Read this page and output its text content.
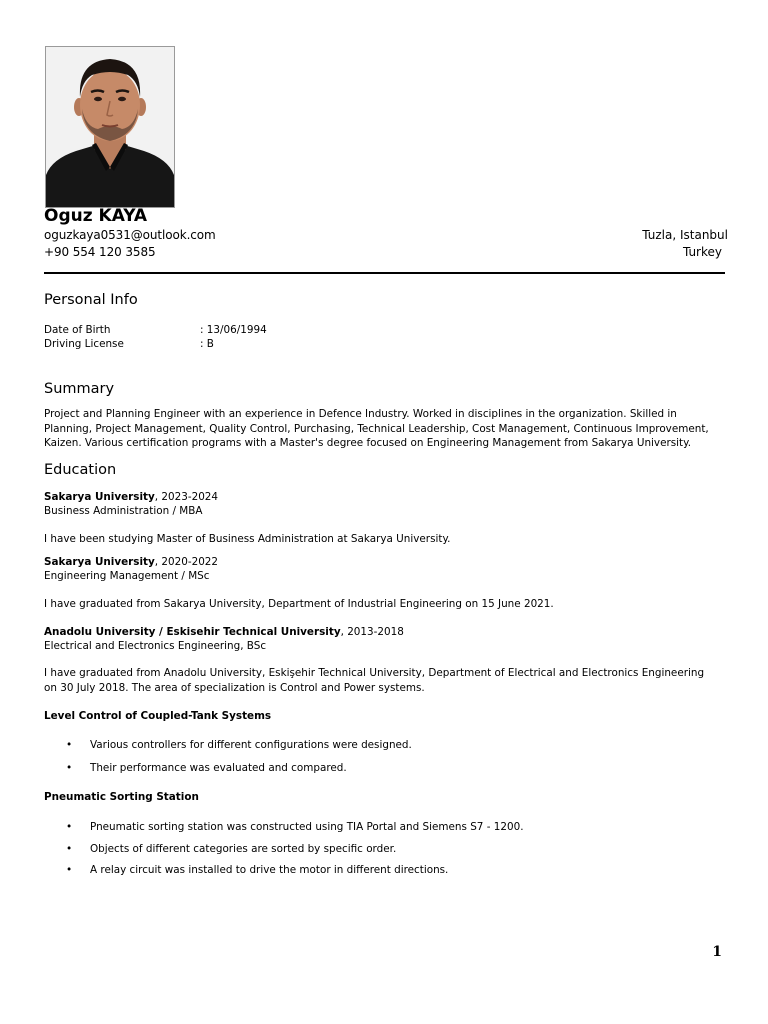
Oguz KAYA
oguzkaya0531@outlook.com
+90 554 120 3585
Tuzla, Istanbul
Turkey
Personal Info
Date of Birth	: 13/06/1994
Driving License	: B
Summary
Project and Planning Engineer with an experience in Defence Industry. Worked in disciplines in the organization. Skilled in Planning, Project Management, Quality Control, Purchasing, Technical Leadership, Cost Management, Continuous Improvement, Kaizen. Various certification programs with a Master's degree focused on Engineering Management from Sakarya University.
Education
Sakarya University, 2023-2024
Business Administration / MBA
I have been studying Master of Business Administration at Sakarya University.
Sakarya University, 2020-2022
Engineering Management / MSc
I have graduated from Sakarya University, Department of Industrial Engineering on 15 June 2021.
Anadolu University / Eskisehir Technical University, 2013-2018
Electrical and Electronics Engineering, BSc
I have graduated from Anadolu University, Eskişehir Technical University, Department of Electrical and Electronics Engineering on 30 July 2018. The area of specialization is Control and Power systems.
Level Control of Coupled-Tank Systems
• Various controllers for different configurations were designed.
• Their performance was evaluated and compared.
Pneumatic Sorting Station
• Pneumatic sorting station was constructed using TIA Portal and Siemens S7 - 1200.
• Objects of different categories are sorted by specific order.
• A relay circuit was installed to drive the motor in different directions.
1
